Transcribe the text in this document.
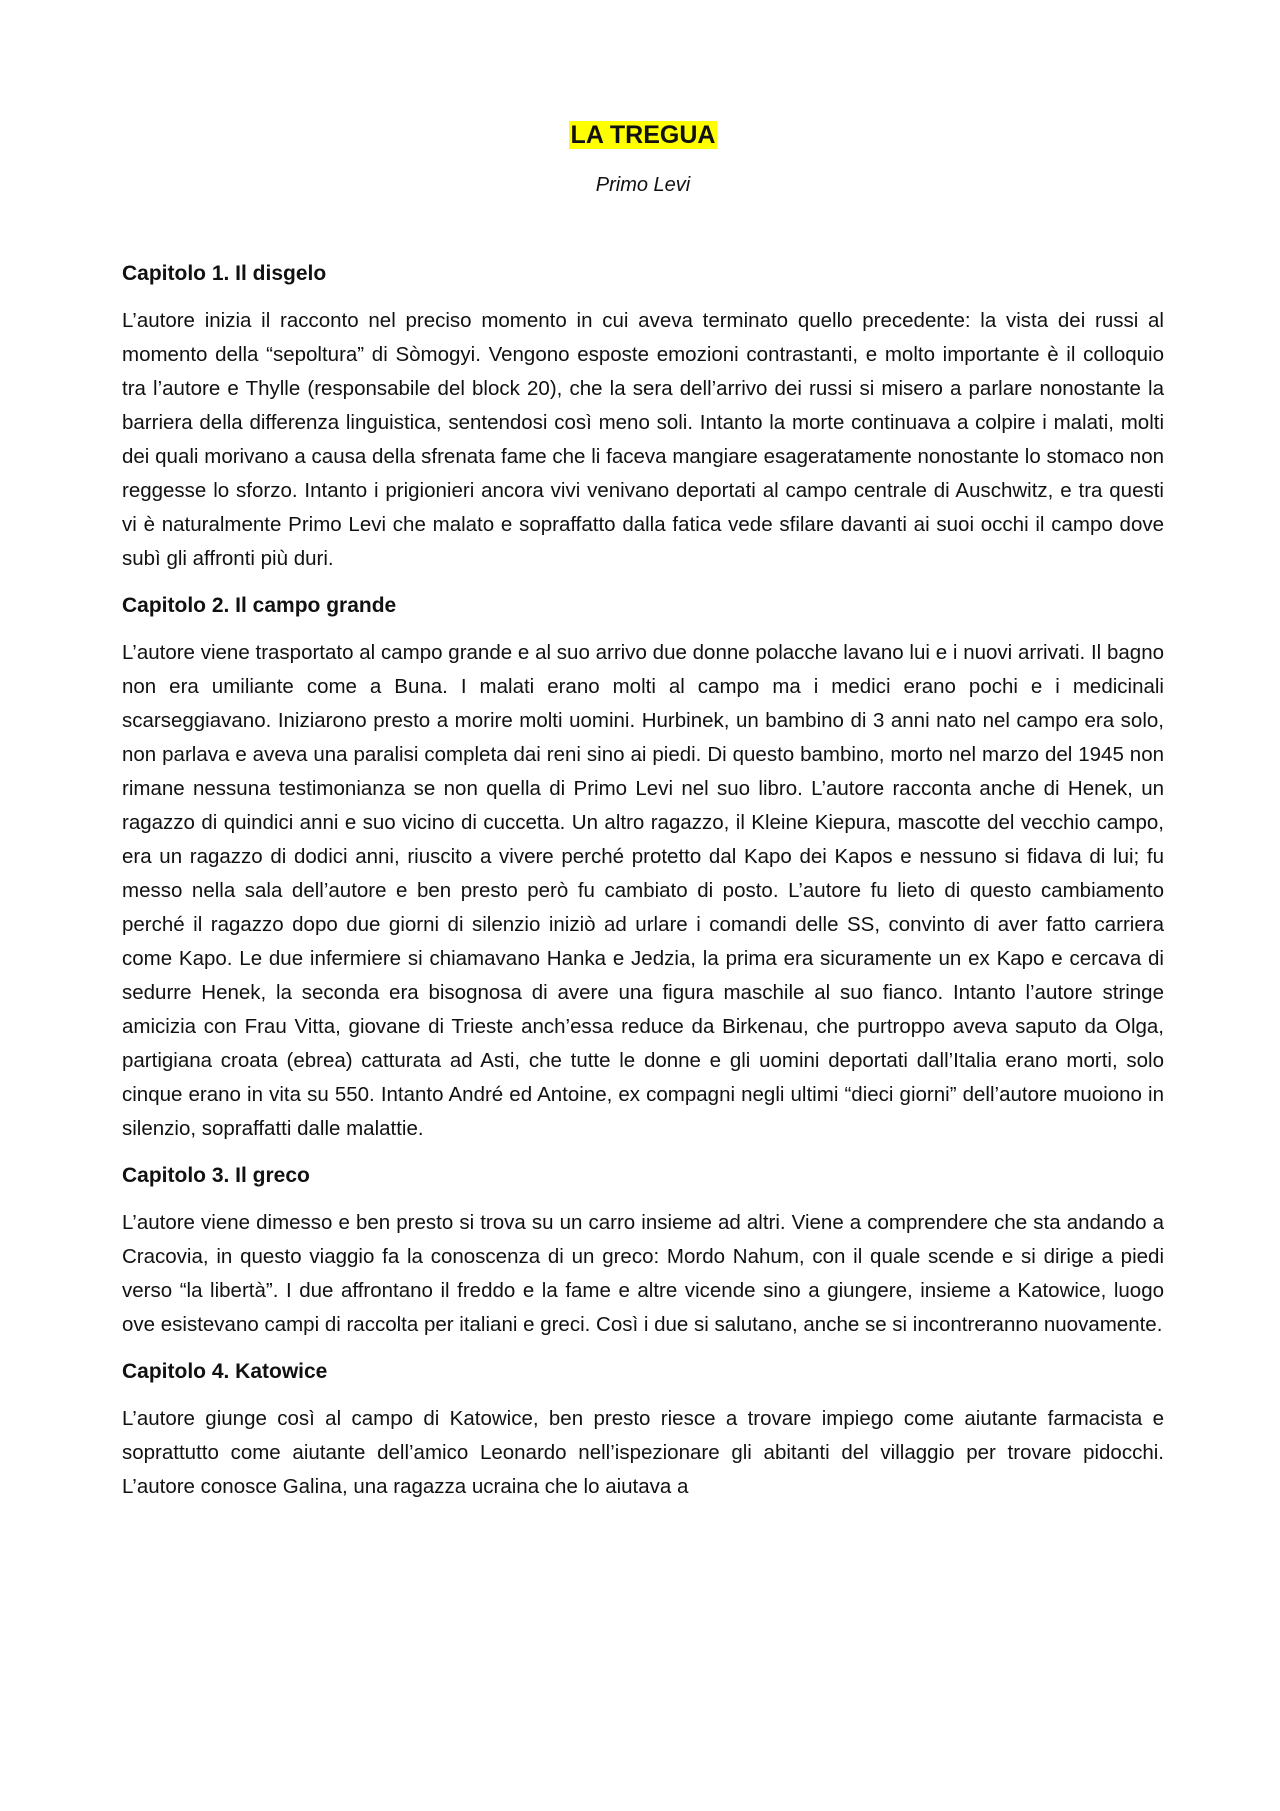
LA TREGUA

Primo Levi

Capitolo 1. Il disgelo

L’autore inizia il racconto nel preciso momento in cui aveva terminato quello precedente: la vista dei russi al momento della “sepoltura” di Sòmogyi. Vengono esposte emozioni contrastanti, e molto importante è il colloquio tra l’autore e Thylle (responsabile del block 20), che la sera dell’arrivo dei russi si misero a parlare nonostante la barriera della differenza linguistica, sentendosi così meno soli. Intanto la morte continuava a colpire i malati, molti dei quali morivano a causa della sfrenata fame che li faceva mangiare esageratamente nonostante lo stomaco non reggesse lo sforzo. Intanto i prigionieri ancora vivi venivano deportati al campo centrale di Auschwitz, e tra questi vi è naturalmente Primo Levi che malato e sopraffatto dalla fatica vede sfilare davanti ai suoi occhi il campo dove subì gli affronti più duri.

Capitolo 2. Il campo grande

L’autore viene trasportato al campo grande e al suo arrivo due donne polacche lavano lui e i nuovi arrivati. Il bagno non era umiliante come a Buna. I malati erano molti al campo ma i medici erano pochi e i medicinali scarseggiavano. Iniziarono presto a morire molti uomini. Hurbinek, un bambino di 3 anni nato nel campo era solo, non parlava e aveva una paralisi completa dai reni sino ai piedi. Di questo bambino, morto nel marzo del 1945 non rimane nessuna testimonianza se non quella di Primo Levi nel suo libro. L’autore racconta anche di Henek, un ragazzo di quindici anni e suo vicino di cuccetta. Un altro ragazzo, il Kleine Kiepura, mascotte del vecchio campo, era un ragazzo di dodici anni, riuscito a vivere perché protetto dal Kapo dei Kapos e nessuno si fidava di lui; fu messo nella sala dell’autore e ben presto però fu cambiato di posto. L’autore fu lieto di questo cambiamento perché il ragazzo dopo due giorni di silenzio iniziò ad urlare i comandi delle SS, convinto di aver fatto carriera come Kapo. Le due infermiere si chiamavano Hanka e Jedzia, la prima era sicuramente un ex Kapo e cercava di sedurre Henek, la seconda era bisognosa di avere una figura maschile al suo fianco. Intanto l’autore stringe amicizia con Frau Vitta, giovane di Trieste anch’essa reduce da Birkenau, che purtroppo aveva saputo da Olga, partigiana croata (ebrea) catturata ad Asti, che tutte le donne e gli uomini deportati dall’Italia erano morti, solo cinque erano in vita su 550. Intanto André ed Antoine, ex compagni negli ultimi “dieci giorni” dell’autore muoiono in silenzio, sopraffatti dalle malattie.

Capitolo 3. Il greco

L’autore viene dimesso e ben presto si trova su un carro insieme ad altri. Viene a comprendere che sta andando a Cracovia, in questo viaggio fa la conoscenza di un greco: Mordo Nahum, con il quale scende e si dirige a piedi verso “la libertà”. I due affrontano il freddo e la fame e altre vicende sino a giungere, insieme a Katowice, luogo ove esistevano campi di raccolta per italiani e greci. Così i due si salutano, anche se si incontreranno nuovamente.

Capitolo 4. Katowice

L’autore giunge così al campo di Katowice, ben presto riesce a trovare impiego come aiutante farmacista e soprattutto come aiutante dell’amico Leonardo nell’ispezionare gli abitanti del villaggio per trovare pidocchi. L’autore conosce Galina, una ragazza ucraina che lo aiutava a
